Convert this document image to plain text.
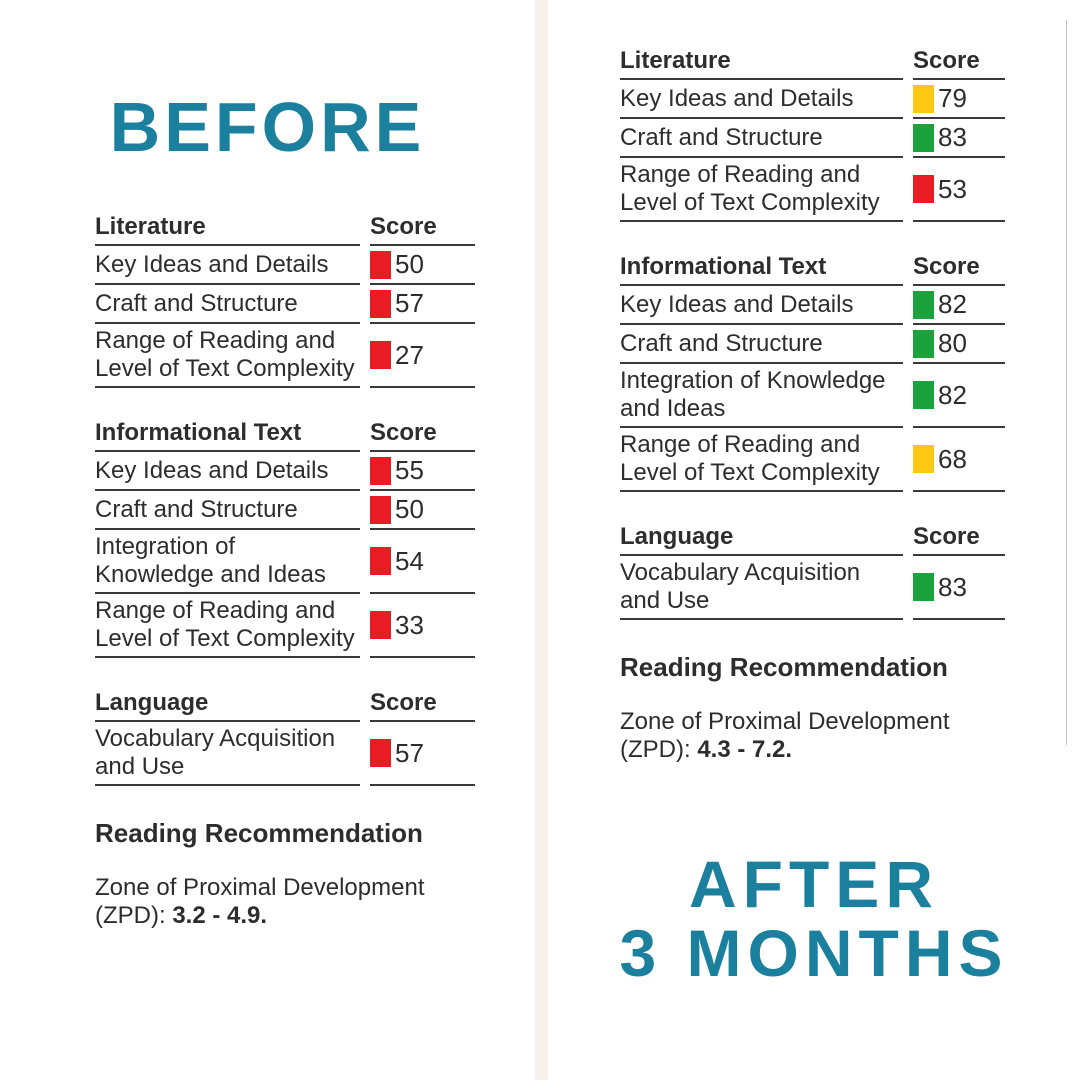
BEFORE
Literature	Score
Key Ideas and Details	50
Craft and Structure	57
Range of Reading and Level of Text Complexity 27
Informational Text	Score
Key Ideas and Details	55
Craft and Structure	50
Integration of Knowledge and Ideas	54
Range of Reading and Level of Text Complexity 33
Language	Score
Vocabulary Acquisition and Use	57
Reading Recommendation
Zone of Proximal Development
(ZPD): 3.2 - 4.9.
Literature	Score
Key Ideas and Details	79
Craft and Structure	83
Range of Reading and Level of Text Complexity	53
Informational Text	Score
Key Ideas and Details	82
Craft and Structure	80
Integration of Knowledge and Ideas	82
Range of Reading and Level of Text Complexity	68
Language	Score
Vocabulary Acquisition and Use	83
Reading Recommendation
Zone of Proximal Development
(ZPD): 4.3 - 7.2.
AFTER
3 MONTHS
